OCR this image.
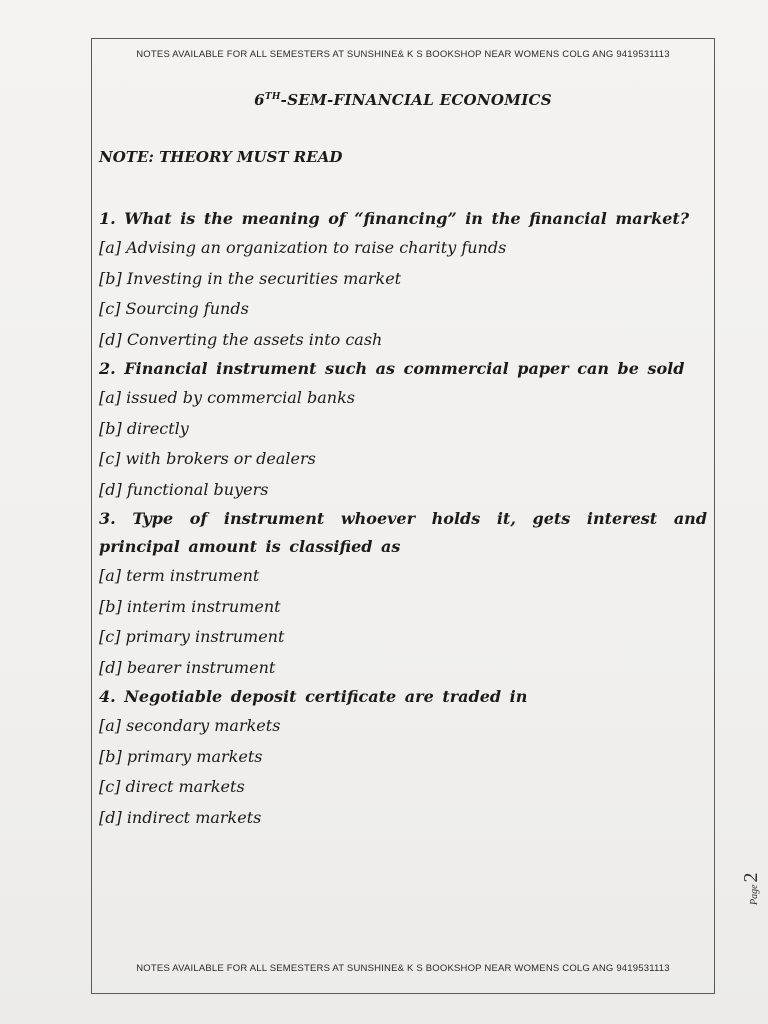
NOTES AVAILABLE FOR ALL SEMESTERS AT SUNSHINE& K S BOOKSHOP NEAR WOMENS COLG ANG 9419531113
6TH-SEM-FINANCIAL ECONOMICS
NOTE: THEORY MUST READ

1. What is the meaning of “financing” in the financial market?

[a] Advising an organization to raise charity funds

[b] Investing in the securities market

[c] Sourcing funds

[d] Converting the assets into cash

2. Financial instrument such as commercial paper can be sold

[a] issued by commercial banks

[b] directly

[c] with brokers or dealers

[d] functional buyers

3. Type of instrument whoever holds it, gets interest and principal amount is classified as

[a] term instrument

[b] interim instrument

[c] primary instrument

[d] bearer instrument

4. Negotiable deposit certificate are traded in

[a] secondary markets

[b] primary markets

[c] direct markets

[d] indirect markets

NOTES AVAILABLE FOR ALL SEMESTERS AT SUNSHINE& K S BOOKSHOP NEAR WOMENS COLG ANG 9419531113
Page2
